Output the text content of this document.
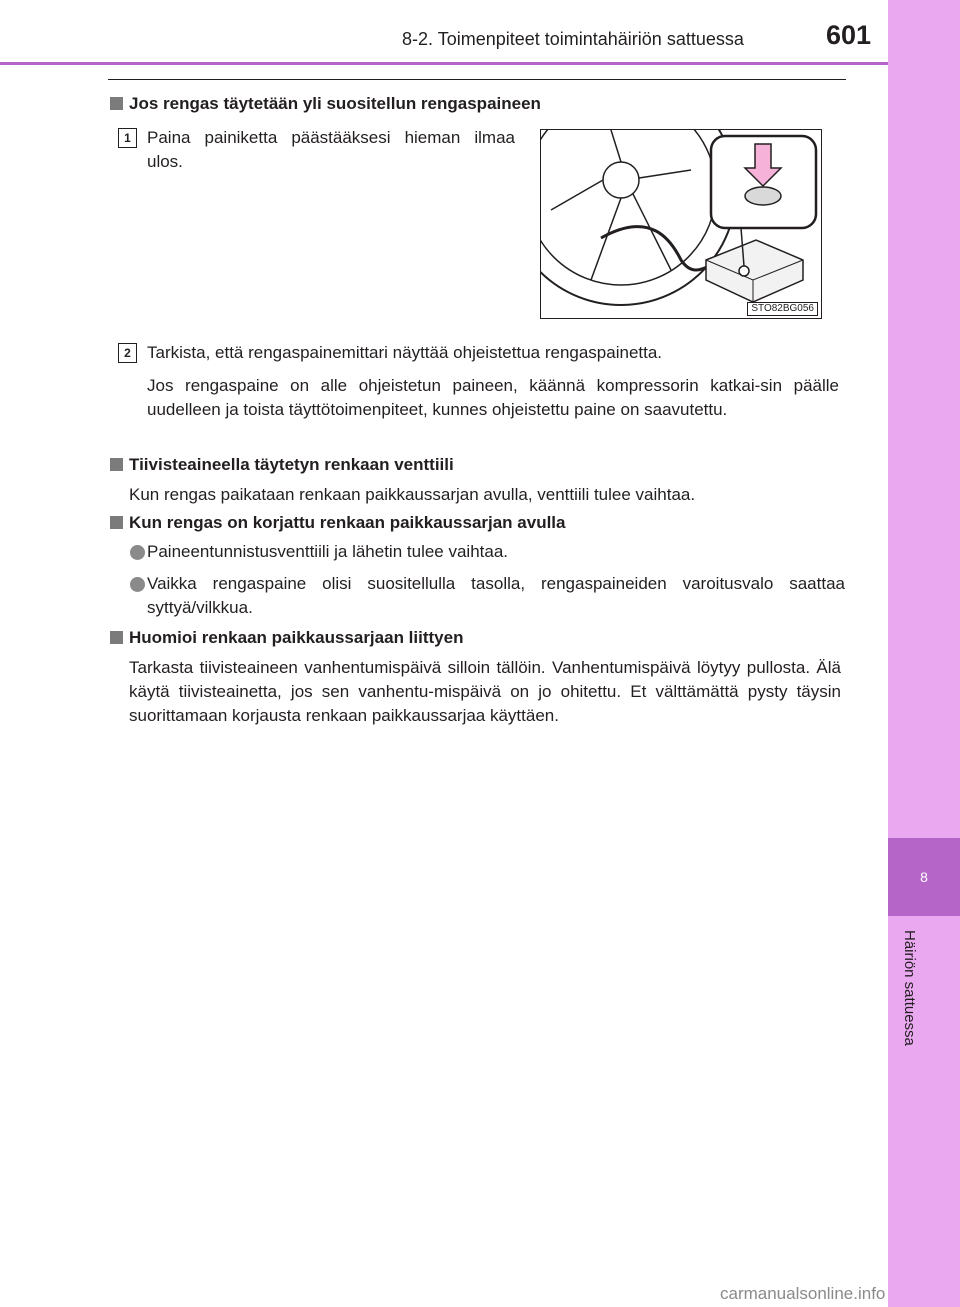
8
Häiriön sattuessa
8-2. Toimenpiteet toimintahäiriön sattuessa	601
Jos rengas täytetään yli suositellun rengaspaineen
1 Paina painiketta päästääksesi hieman ilmaa ulos.
STO82BG056
2 Tarkista, että rengaspainemittari näyttää ohjeistettua rengaspainetta.
Jos rengaspaine on alle ohjeistetun paineen, käännä kompressorin katkai-sin päälle uudelleen ja toista täyttötoimenpiteet, kunnes ohjeistettu paine on saavutettu.
Tiivisteaineella täytetyn renkaan venttiili
Kun rengas paikataan renkaan paikkaussarjan avulla, venttiili tulee vaihtaa.
Kun rengas on korjattu renkaan paikkaussarjan avulla
Paineentunnistusventtiili ja lähetin tulee vaihtaa.
Vaikka rengaspaine olisi suositellulla tasolla, rengaspaineiden varoitusvalo saattaa syttyä/vilkkua.
Huomioi renkaan paikkaussarjaan liittyen
Tarkasta tiivisteaineen vanhentumispäivä silloin tällöin. Vanhentumispäivä löytyy pullosta. Älä käytä tiivisteainetta, jos sen vanhentu-mispäivä on jo ohitettu. Et välttämättä pysty täysin suorittamaan korjausta renkaan paikkaussarjaa käyttäen.
carmanualsonline.info
